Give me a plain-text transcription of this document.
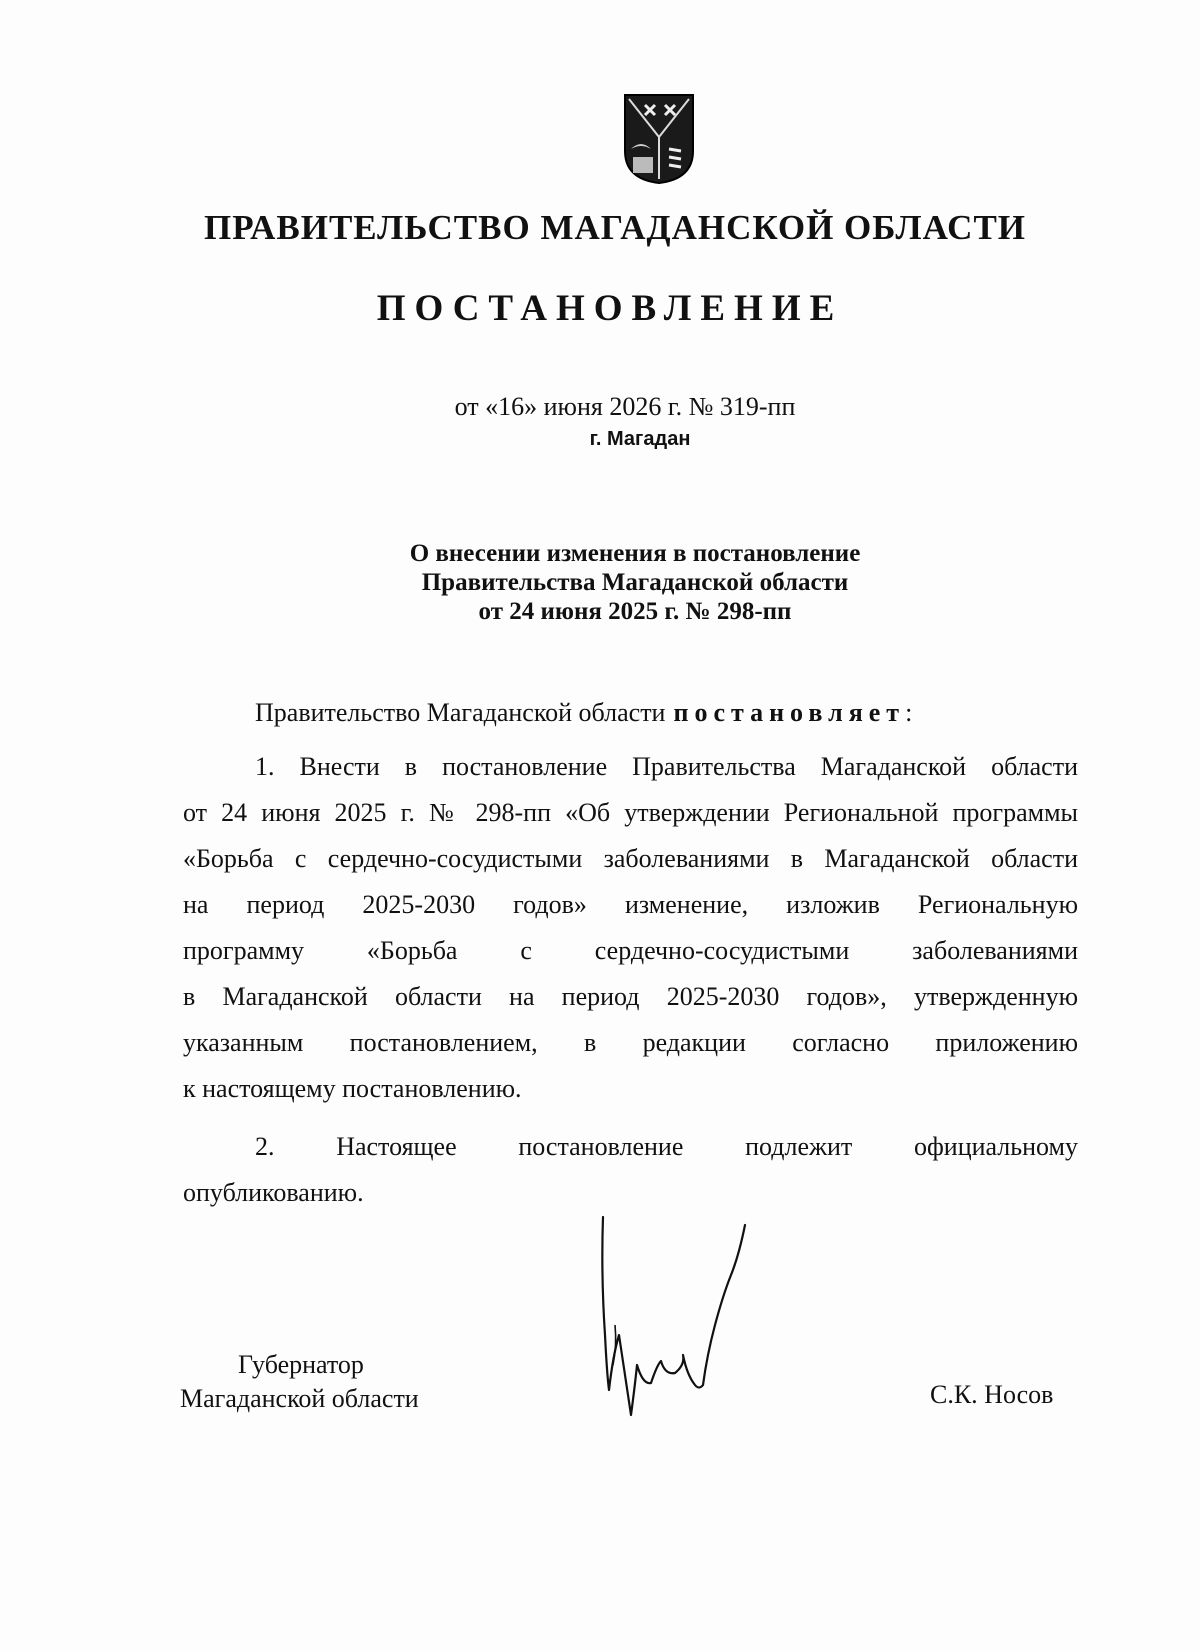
ПРАВИТЕЛЬСТВО МАГАДАНСКОЙ ОБЛАСТИ
ПОСТАНОВЛЕНИЕ
от «16» июня 2026 г. № 319-пп
г. Магадан
О внесении изменения в постановление
Правительства Магаданской области
от 24 июня 2025 г. № 298-пп
Правительство Магаданской области постановляет:
1. Внести в постановление Правительства Магаданской области
от 24 июня 2025 г. № 298-пп «Об утверждении Региональной программы
«Борьба с сердечно-сосудистыми заболеваниями в Магаданской области
на период 2025-2030 годов» изменение, изложив Региональную
программу «Борьба с сердечно-сосудистыми заболеваниями
в Магаданской области на период 2025-2030 годов», утвержденную
указанным постановлением, в редакции согласно приложению
к настоящему постановлению.
2. Настоящее постановление подлежит официальному
опубликованию.
Губернатор
Магаданской области	С.К. Носов
